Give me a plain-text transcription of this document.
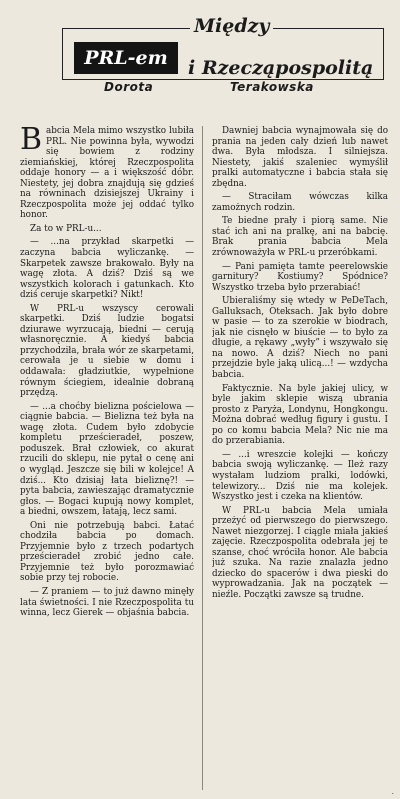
PRL-em
Między
i Rzecząpospolitą
Dorota	Terakowska

Babcia Mela mimo wszystko lubiła PRL. Nie powinna była, wywodzi się bowiem z rodziny ziemiańskiej, której Rzeczpospolita oddaje honory — a i większość dóbr. Niestety, jej dobra znajdują się gdzieś na równinach dzisiejszej Ukrainy i Rzeczpospolita może jej oddać tylko honor.

Za to w PRL-u...

— ...na przykład skarpetki — zaczyna babcia wyliczankę. — Skarpetek zawsze brakowało. Były na wagę złota. A dziś? Dziś są we wszystkich kolorach i gatunkach. Kto dziś ceruje skarpetki? Nikt!

W PRL-u wszyscy cerowali skarpetki. Dziś ludzie bogatsi dziurawe wyrzucają, biedni — cerują własnoręcznie. A kiedyś babcia przychodziła, brała wór ze skarpetami, cerowała je u siebie w domu i oddawała: gładziutkie, wypełnione równym ściegiem, idealnie dobraną przędzą.

— ...a choćby bielizna pościelowa — ciągnie babcia. — Bielizna też była na wagę złota. Cudem było zdobycie kompletu prześcieradeł, poszew, poduszek. Brał człowiek, co akurat rzucili do sklepu, nie pytał o cenę ani o wygląd. Jeszcze się bili w kolejce! A dziś... Kto dzisiaj łata bieliznę?! — pyta babcia, zawieszając dramatycznie głos. — Bogaci kupują nowy komplet, a biedni, owszem, łatają, lecz sami.

Oni nie potrzebują babci. Łatać chodziła babcia po domach. Przyjemnie było z trzech podartych prześcieradeł zrobić jedno całe. Przyjemnie też było porozmawiać sobie przy tej robocie.

— Z praniem — to już dawno minęły lata świetności. I nie Rzeczpospolita tu winna, lecz Gierek — objaśnia babcia.

Dawniej babcia wynajmowała się do prania na jeden cały dzień lub nawet dwa. Była młodsza. I silniejsza. Niestety, jakiś szaleniec wymyślił pralki automatyczne i babcia stała się zbędna.

— Straciłam wówczas kilka zamożnych rodzin.

Te biedne prały i piorą same. Nie stać ich ani na pralkę, ani na babcię. Brak prania babcia Mela zrównoważyła w PRL-u przeróbkami.

— Pani pamięta tamte peerelowskie garnitury? Kostiumy? Spódnice? Wszystko trzeba było przerabiać!

Ubieraliśmy się wtedy w PeDeTach, Galluksach, Oteksach. Jak było dobre w pasie — to za szerokie w biodrach, jak nie cisnęło w biuście — to było za długie, a rękawy „wyły” i wszywało się na nowo. A dziś? Niech no pani przejdzie byle jaką ulicą...! — wzdycha babcia.

Faktycznie. Na byle jakiej ulicy, w byle jakim sklepie wiszą ubrania prosto z Paryża, Londynu, Hongkongu. Można dobrać według figury i gustu. I po co komu babcia Mela? Nic nie ma do przerabiania.

— ...i wreszcie kolejki — kończy babcia swoją wyliczankę. — Ileż razy wystałam ludziom pralki, lodówki, telewizory... Dziś nie ma kolejek. Wszystko jest i czeka na klientów.

W PRL-u babcia Mela umiała przeżyć od pierwszego do pierwszego. Nawet niezgorzej. I ciągle miała jakieś zajęcie. Rzeczpospolita odebrała jej te szanse, choć wróciła honor. Ale babcia już szuka. Na razie znalazła jedno dziecko do spacerów i dwa pieski do wyprowadzania. Jak na początek — nieźle. Początki zawsze są trudne.

.
